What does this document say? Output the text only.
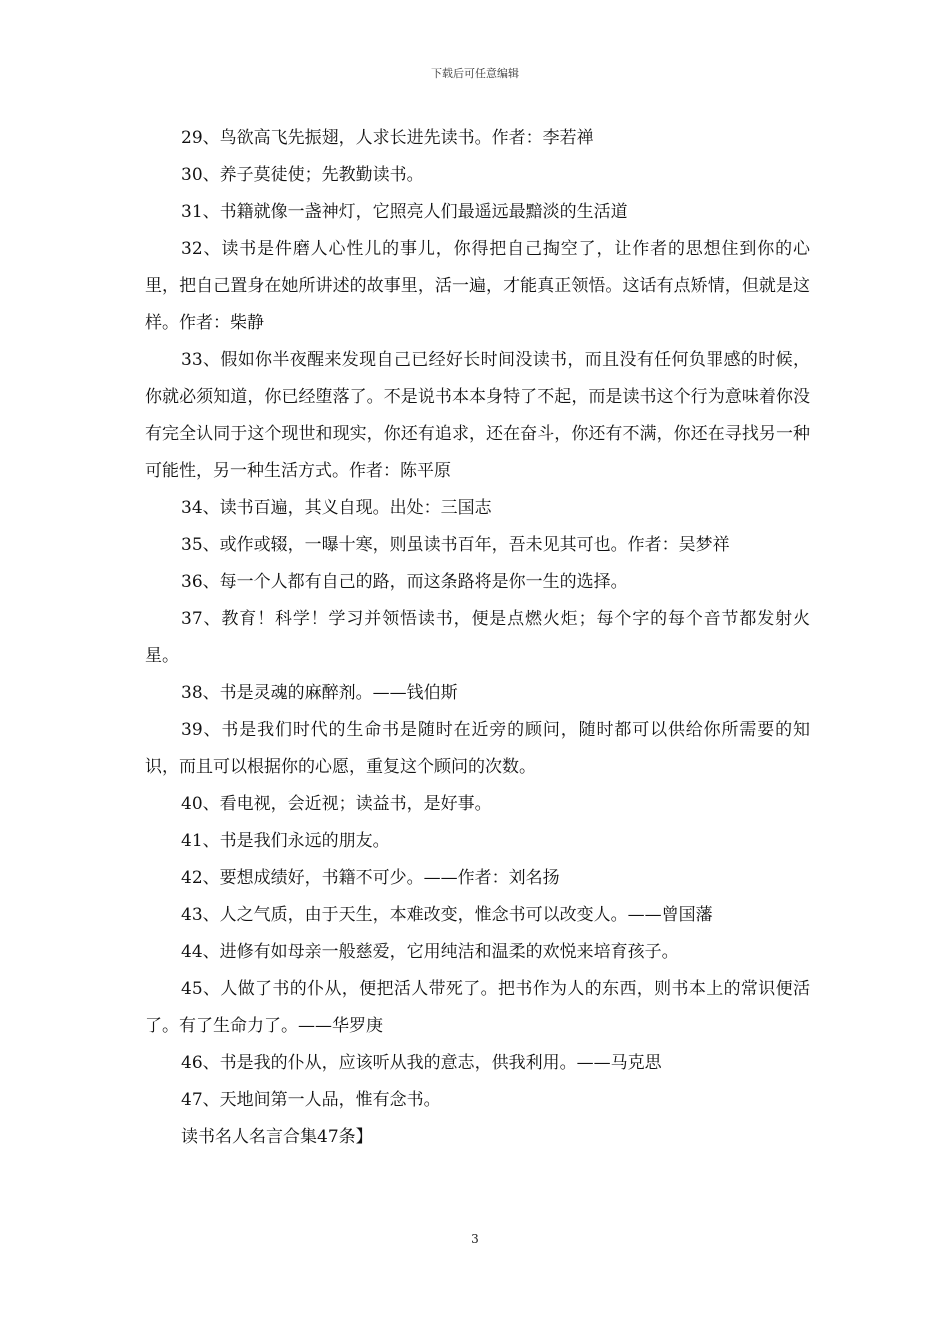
下载后可任意编辑

29、鸟欲高飞先振翅，人求长进先读书。作者：李若禅

30、养子莫徒使；先教勤读书。

31、书籍就像一盏神灯，它照亮人们最遥远最黯淡的生活道

32、读书是件磨人心性儿的事儿，你得把自己掏空了，让作者的思想住到你的心里，把自己置身在她所讲述的故事里，活一遍，才能真正领悟。这话有点矫情，但就是这样。作者：柴静

33、假如你半夜醒来发现自己已经好长时间没读书，而且没有任何负罪感的时候，你就必须知道，你已经堕落了。不是说书本本身特了不起，而是读书这个行为意味着你没有完全认同于这个现世和现实，你还有追求，还在奋斗，你还有不满，你还在寻找另一种可能性，另一种生活方式。作者：陈平原

34、读书百遍，其义自现。出处：三国志

35、或作或辍，一曝十寒，则虽读书百年，吾未见其可也。作者：吴梦祥

36、每一个人都有自己的路，而这条路将是你一生的选择。

37、教育！科学！学习并领悟读书，便是点燃火炬；每个字的每个音节都发射火星。

38、书是灵魂的麻醉剂。——钱伯斯

39、书是我们时代的生命书是随时在近旁的顾问，随时都可以供给你所需要的知识，而且可以根据你的心愿，重复这个顾问的次数。

40、看电视，会近视；读益书，是好事。

41、书是我们永远的朋友。

42、要想成绩好，书籍不可少。——作者：刘名扬

43、人之气质，由于天生，本难改变，惟念书可以改变人。——曾国藩

44、进修有如母亲一般慈爱，它用纯洁和温柔的欢悦来培育孩子。

45、人做了书的仆从，便把活人带死了。把书作为人的东西，则书本上的常识便活了。有了生命力了。——华罗庚

46、书是我的仆从，应该听从我的意志，供我利用。——马克思

47、天地间第一人品，惟有念书。

读书名人名言合集47条】

3
